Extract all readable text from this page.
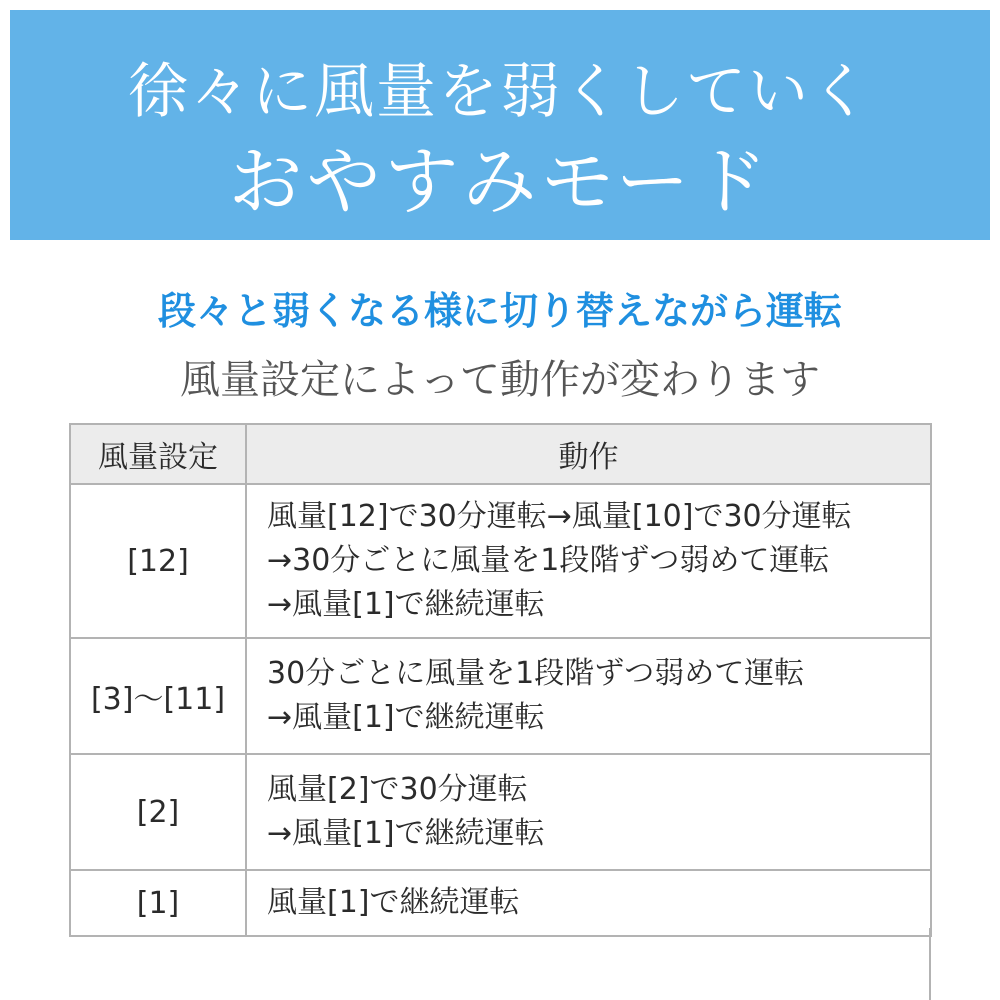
徐々に風量を弱くしていく
おやすみモード
段々と弱くなる様に切り替えながら運転
風量設定によって動作が変わります
風量設定	動作
[12]	風量[12]で30分運転→風量[10]で30分運転
→30分ごとに風量を1段階ずつ弱めて運転
→風量[1]で継続運転

[3]〜[11]	30分ごとに風量を1段階ずつ弱めて運転
→風量[1]で継続運転

[2]	風量[2]で30分運転
→風量[1]で継続運転

[1]	風量[1]で継続運転
